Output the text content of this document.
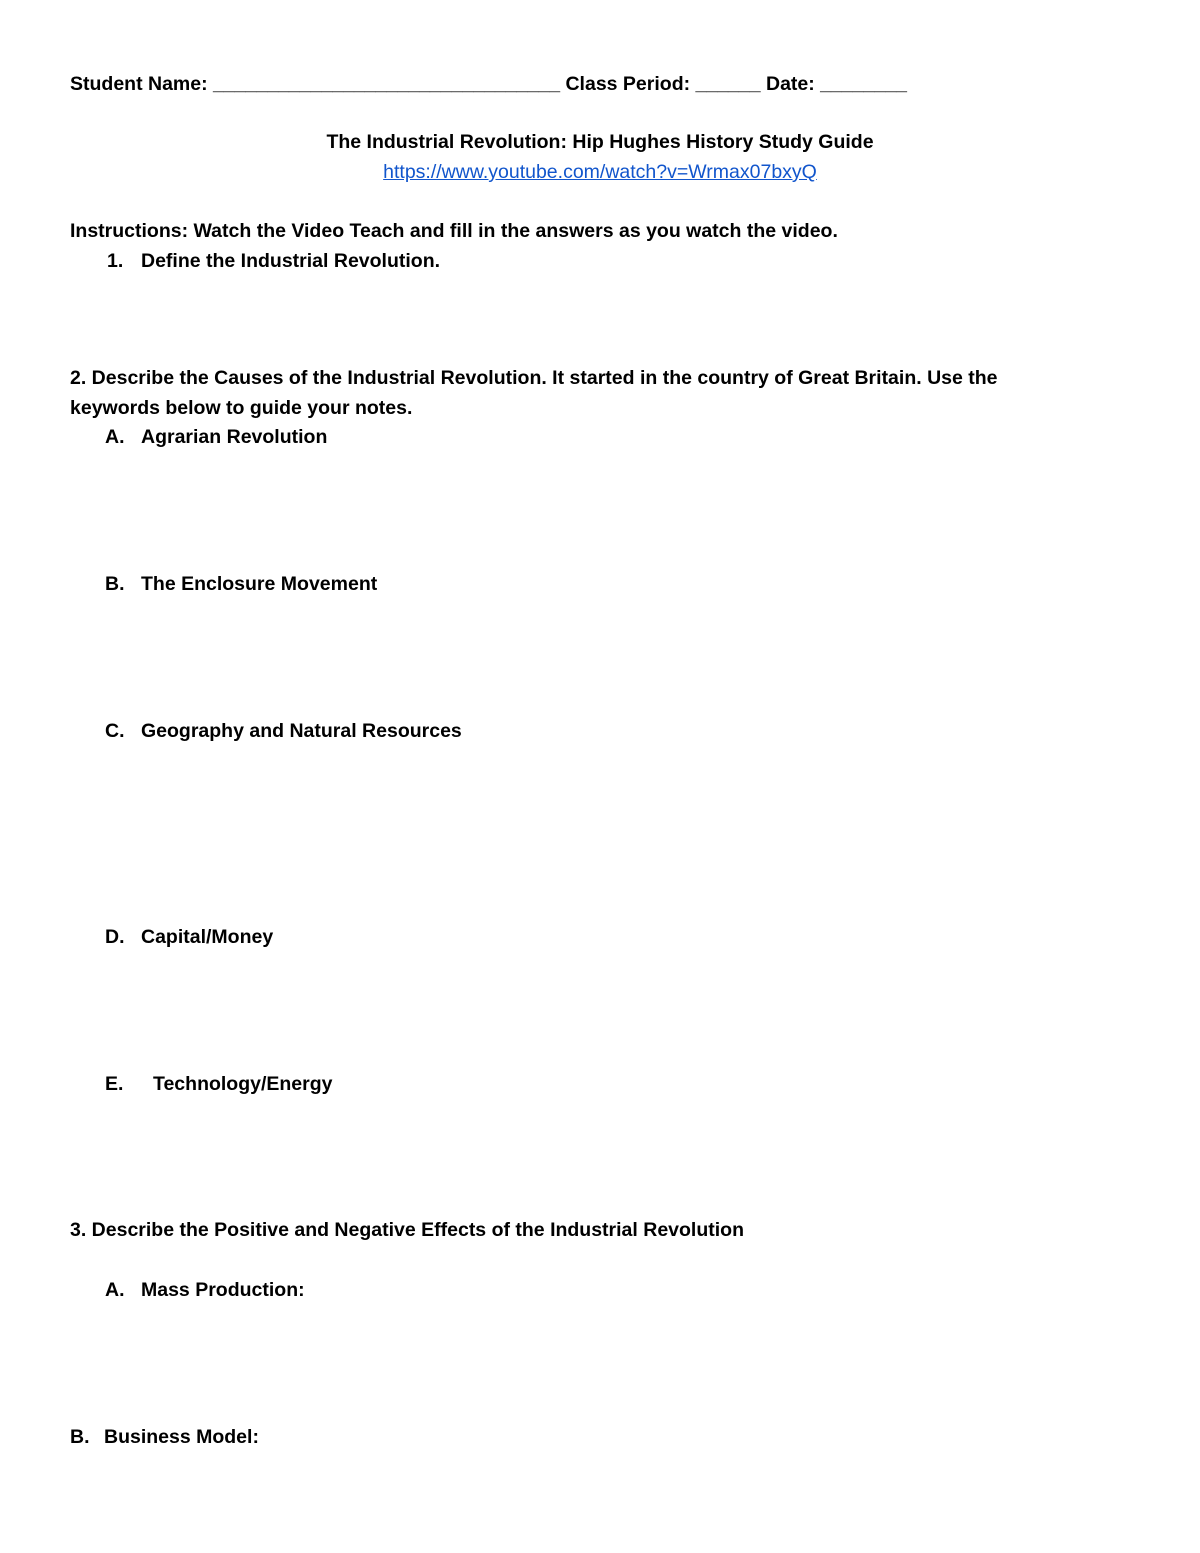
Student Name: ________________________________ Class Period: ______ Date: ________
The Industrial Revolution: Hip Hughes History Study Guide
https://www.youtube.com/watch?v=Wrmax07bxyQ
Instructions: Watch the Video Teach and fill in the answers as you watch the video.
1. Define the Industrial Revolution.
2. Describe the Causes of the Industrial Revolution. It started in the country of Great Britain. Use the
keywords below to guide your notes.
A. Agrarian Revolution
B. The Enclosure Movement
C. Geography and Natural Resources
D. Capital/Money
E. Technology/Energy
3. Describe the Positive and Negative Effects of the Industrial Revolution
A. Mass Production:
B. Business Model:
